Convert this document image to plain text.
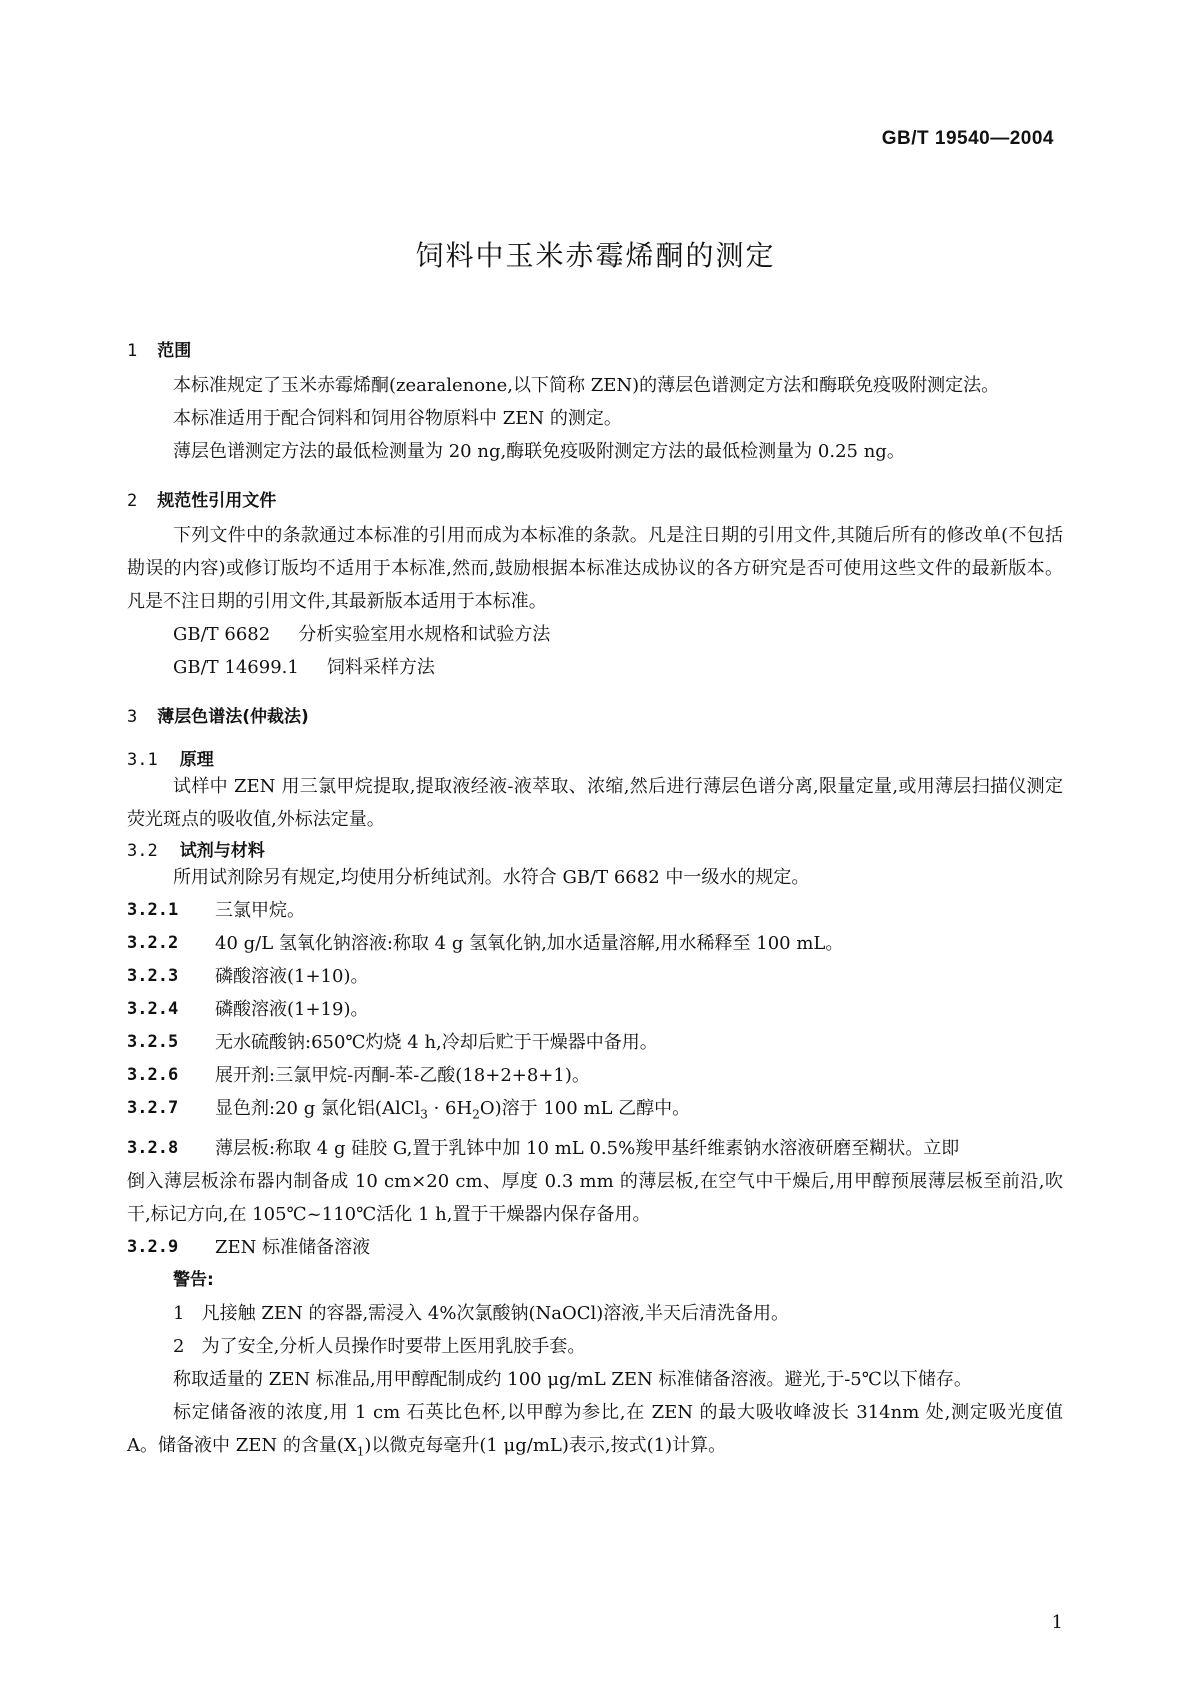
GB/T 19540—2004
饲料中玉米赤霉烯酮的测定
1 范围

本标准规定了玉米赤霉烯酮(zearalenone,以下简称 ZEN)的薄层色谱测定方法和酶联免疫吸附测定法。

本标准适用于配合饲料和饲用谷物原料中 ZEN 的测定。

薄层色谱测定方法的最低检测量为 20 ng,酶联免疫吸附测定方法的最低检测量为 0.25 ng。

2 规范性引用文件

下列文件中的条款通过本标准的引用而成为本标准的条款。凡是注日期的引用文件,其随后所有的修改单(不包括勘误的内容)或修订版均不适用于本标准,然而,鼓励根据本标准达成协议的各方研究是否可使用这些文件的最新版本。凡是不注日期的引用文件,其最新版本适用于本标准。

GB/T 6682 分析实验室用水规格和试验方法
GB/T 14699.1 饲料采样方法
3 薄层色谱法(仲裁法)
3.1 原理

试样中 ZEN 用三氯甲烷提取,提取液经液-液萃取、浓缩,然后进行薄层色谱分离,限量定量,或用薄层扫描仪测定荧光斑点的吸收值,外标法定量。

3.2 试剂与材料

所用试剂除另有规定,均使用分析纯试剂。水符合 GB/T 6682 中一级水的规定。

3.2.1	三氯甲烷。
3.2.2	40 g/L 氢氧化钠溶液:称取 4 g 氢氧化钠,加水适量溶解,用水稀释至 100 mL。
3.2.3	磷酸溶液(1+10)。
3.2.4	磷酸溶液(1+19)。
3.2.5	无水硫酸钠:650℃灼烧 4 h,冷却后贮于干燥器中备用。
3.2.6	展开剂:三氯甲烷-丙酮-苯-乙酸(18+2+8+1)。
3.2.7	显色剂:20 g 氯化铝(AlCl$_3$ · $6H_2O$)溶于 100 mL 乙醇中。
3.2.8	薄层板:称取 4 g 硅胶 G,置于乳钵中加 10 mL 0.5%羧甲基纤维素钠水溶液研磨至糊状。立即

倒入薄层板涂布器内制备成 10 cm×20 cm、厚度 0.3 mm 的薄层板,在空气中干燥后,用甲醇预展薄层板至前沿,吹干,标记方向,在 105℃~110℃活化 1 h,置于干燥器内保存备用。

3.2.9	ZEN 标准储备溶液
警告:

1 凡接触 ZEN 的容器,需浸入 4%次氯酸钠(NaOCl)溶液,半天后清洗备用。

2 为了安全,分析人员操作时要带上医用乳胶手套。

称取适量的 ZEN 标准品,用甲醇配制成约 100 μg/mL ZEN 标准储备溶液。避光,于-5℃以下储存。

标定储备液的浓度,用 1 cm 石英比色杯,以甲醇为参比,在 ZEN 的最大吸收峰波长 314nm 处,测定吸光度值 A。储备液中 ZEN 的含量$(X_1)$以微克每毫升(1 μg/mL)表示,按式(1)计算。

1
